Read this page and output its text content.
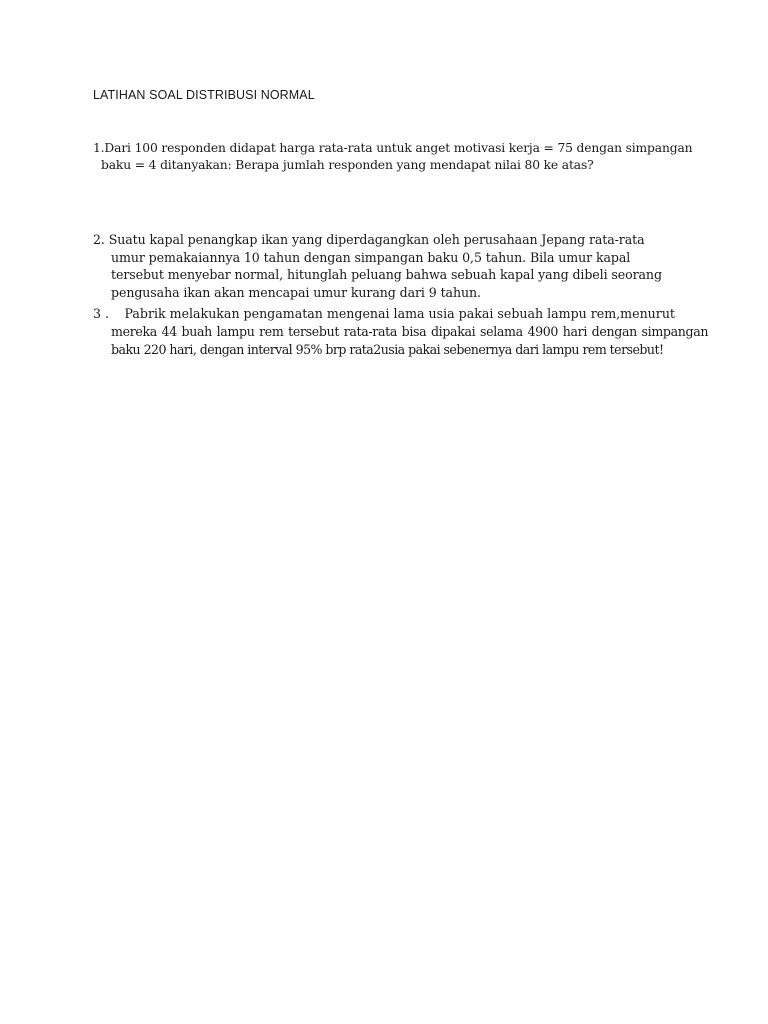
LATIHAN SOAL DISTRIBUSI NORMAL
1.Dari 100 responden didapat harga rata-rata untuk anget motivasi kerja = 75 dengan simpangan
baku = 4 ditanyakan: Berapa jumlah responden yang mendapat nilai 80 ke atas?
2. Suatu kapal penangkap ikan yang diperdagangkan oleh perusahaan Jepang rata-rata
umur pemakaiannya 10 tahun dengan simpangan baku 0,5 tahun. Bila umur kapal
tersebut menyebar normal, hitunglah peluang bahwa sebuah kapal yang dibeli seorang
pengusaha ikan akan mencapai umur kurang dari 9 tahun.
3 . Pabrik melakukan pengamatan mengenai lama usia pakai sebuah lampu rem,menurut
mereka 44 buah lampu rem tersebut rata-rata bisa dipakai selama 4900 hari dengan simpangan
baku 220 hari, dengan interval 95% brp rata2usia pakai sebenernya dari lampu rem tersebut!
